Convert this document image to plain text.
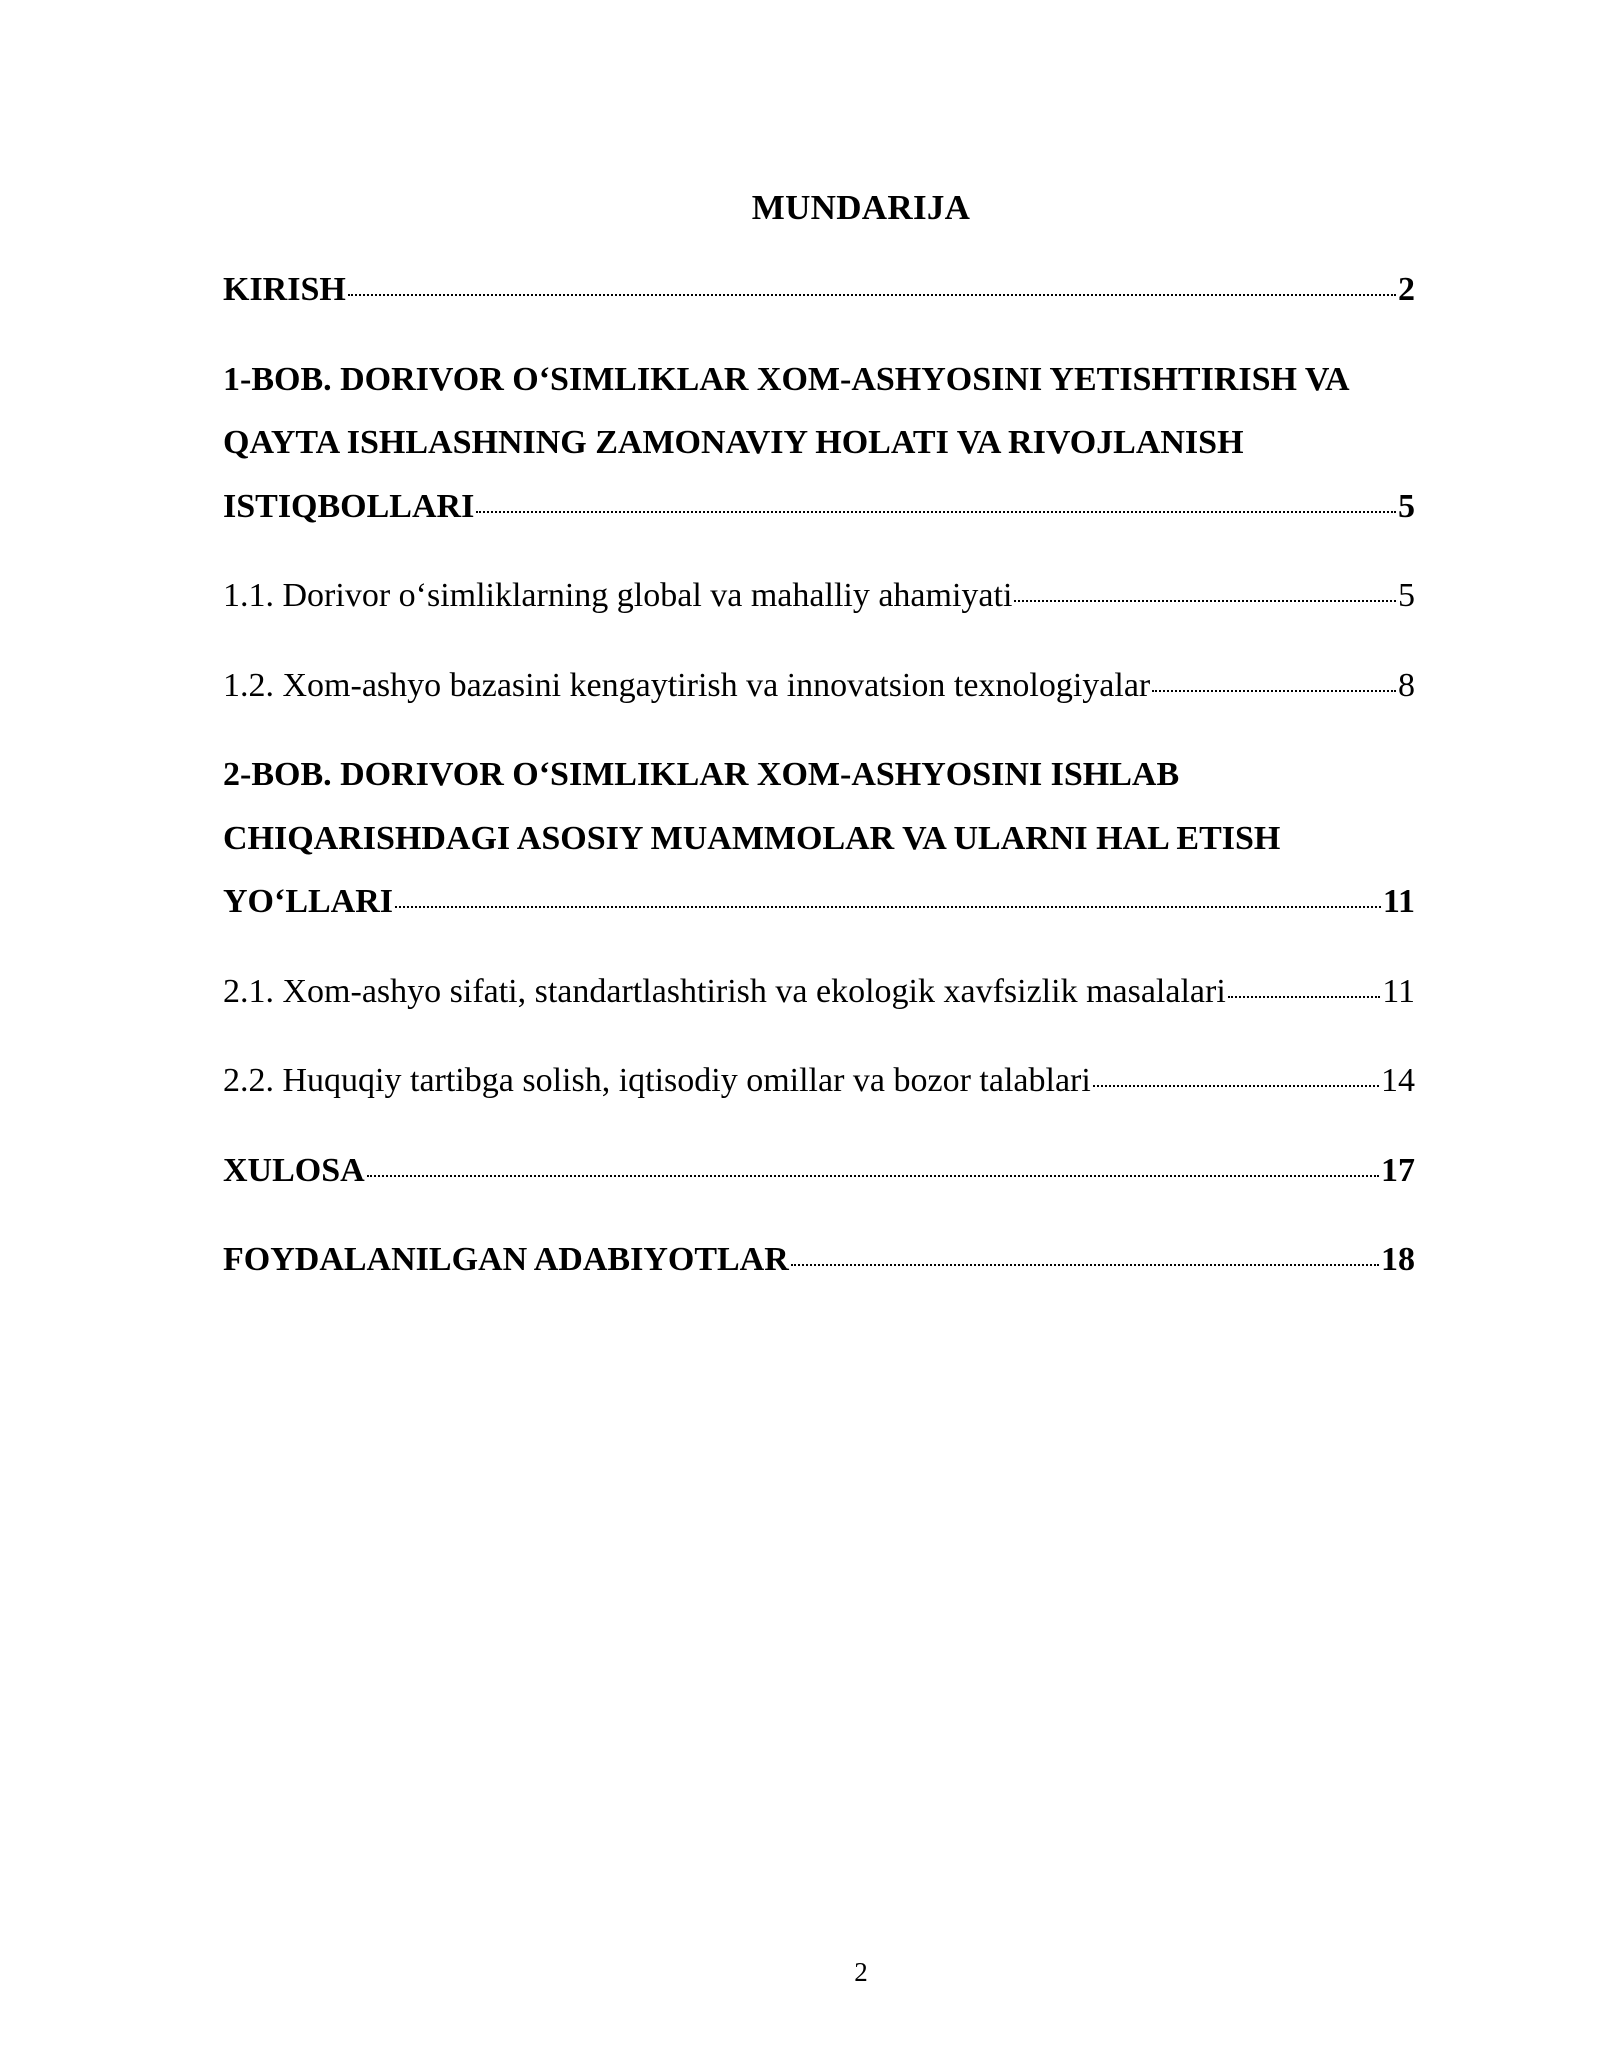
MUNDARIJA
KIRISH	2
1-BOB. DORIVOR O‘SIMLIKLAR XOM-ASHYOSINI YETISHTIRISH VA
QAYTA ISHLASHNING ZAMONAVIY HOLATI VA RIVOJLANISH
ISTIQBOLLARI	5
1.1. Dorivor o‘simliklarning global va mahalliy ahamiyati	5
1.2. Xom-ashyo bazasini kengaytirish va innovatsion texnologiyalar	8
2-BOB. DORIVOR O‘SIMLIKLAR XOM-ASHYOSINI ISHLAB
CHIQARISHDAGI ASOSIY MUAMMOLAR VA ULARNI HAL ETISH
YO‘LLARI	11
2.1. Xom-ashyo sifati, standartlashtirish va ekologik xavfsizlik masalalari	11
2.2. Huquqiy tartibga solish, iqtisodiy omillar va bozor talablari	14
XULOSA	17
FOYDALANILGAN ADABIYOTLAR	18
2
